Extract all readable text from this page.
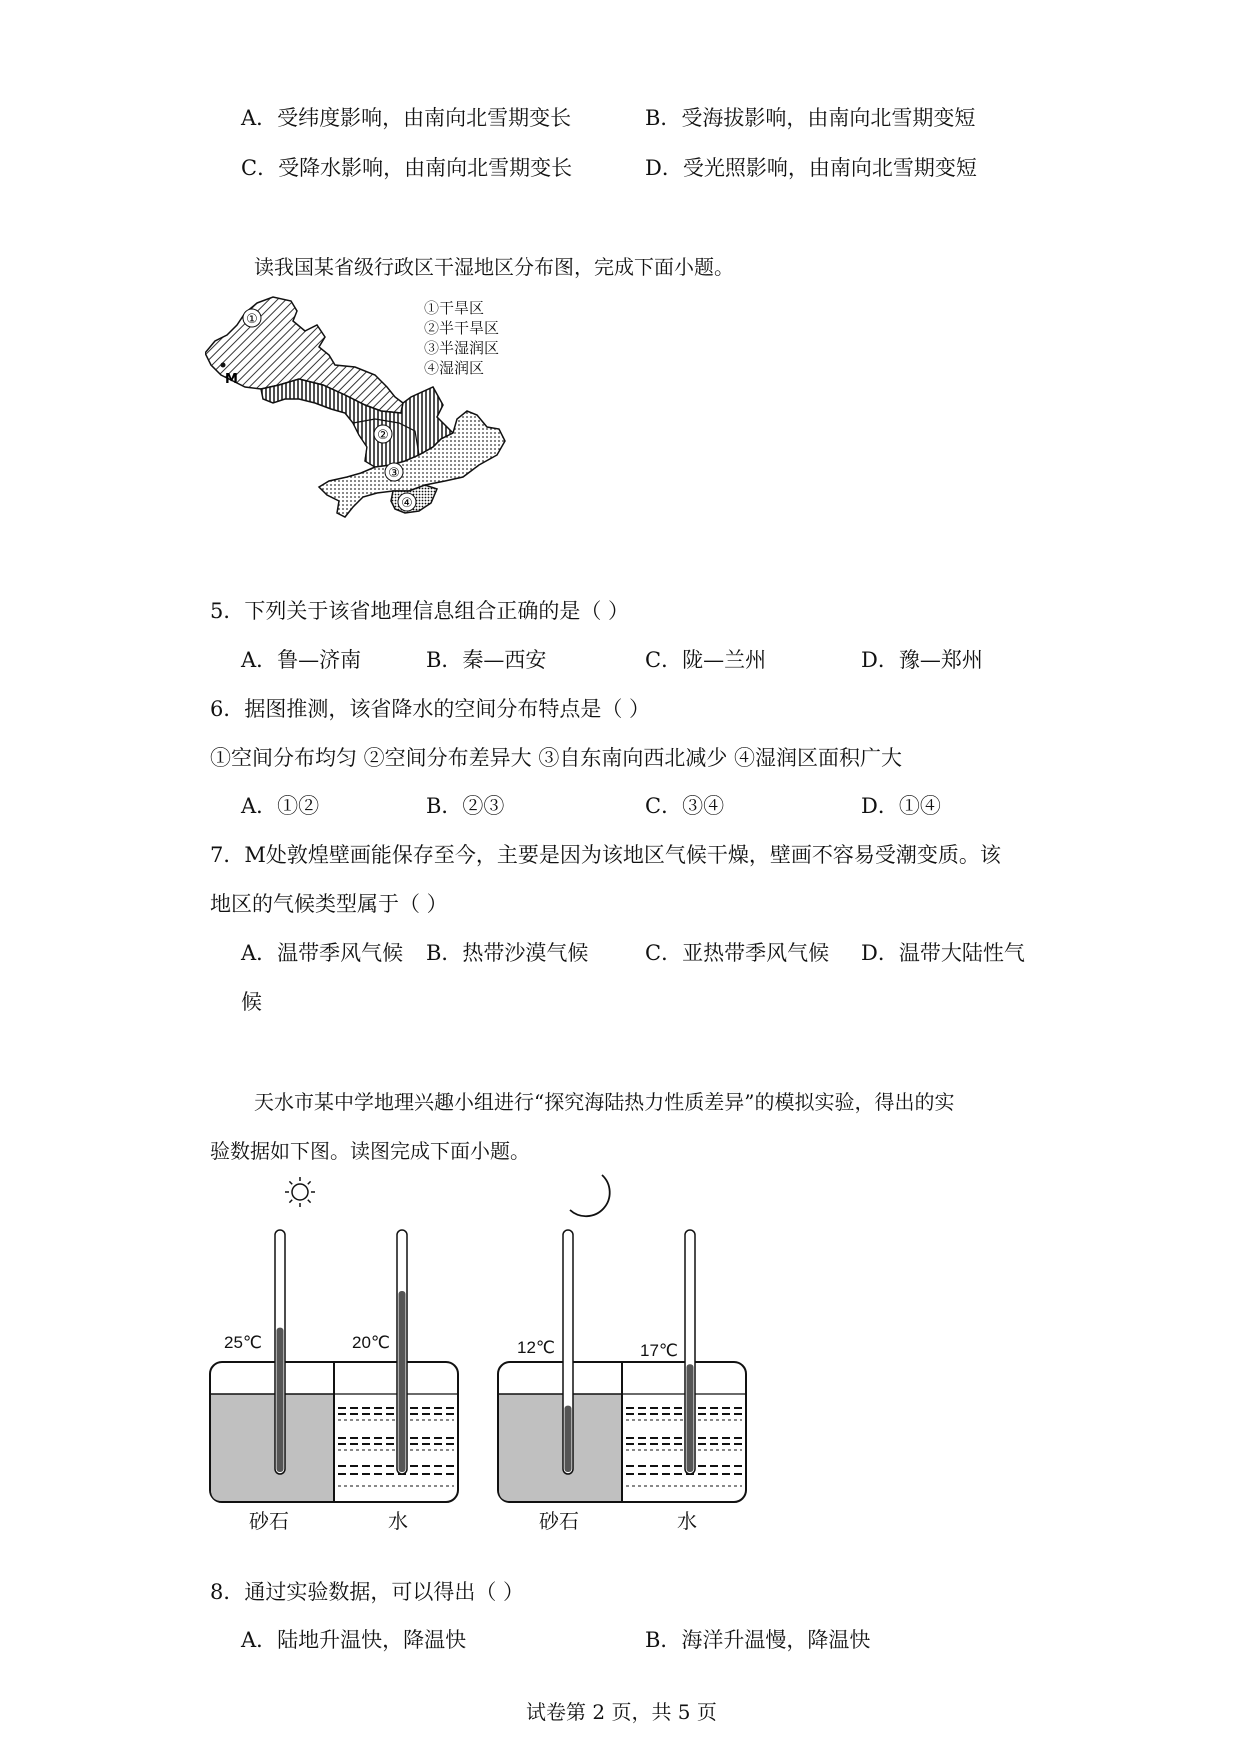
A．受纬度影响，由南向北雪期变长	B．受海拔影响，由南向北雪期变短
C．受降水影响，由南向北雪期变长	D．受光照影响，由南向北雪期变短
读我国某省级行政区干湿地区分布图，完成下面小题。
①
②
③
④
M
①干旱区
②半干旱区
③半湿润区
④湿润区
5．下列关于该省地理信息组合正确的是（ ）
A．鲁—济南	B．秦—西安	C．陇—兰州	D．豫—郑州
6．据图推测，该省降水的空间分布特点是（ ）
①空间分布均匀 ②空间分布差异大 ③自东南向西北减少 ④湿润区面积广大
A．①②	B．②③	C．③④	D．①④
7．M处敦煌壁画能保存至今，主要是因为该地区气候干燥，壁画不容易受潮变质。该
地区的气候类型属于（ ）
A．温带季风气候 B．热带沙漠气候	C．亚热带季风气候 D．温带大陆性气
候
天水市某中学地理兴趣小组进行“探究海陆热力性质差异”的模拟实验，得出的实
验数据如下图。读图完成下面小题。
25℃	20℃	12℃	17℃
砂石	水	砂石	水
8．通过实验数据，可以得出（ ）
A．陆地升温快，降温快	B．海洋升温慢，降温快
试卷第 2 页，共 5 页
